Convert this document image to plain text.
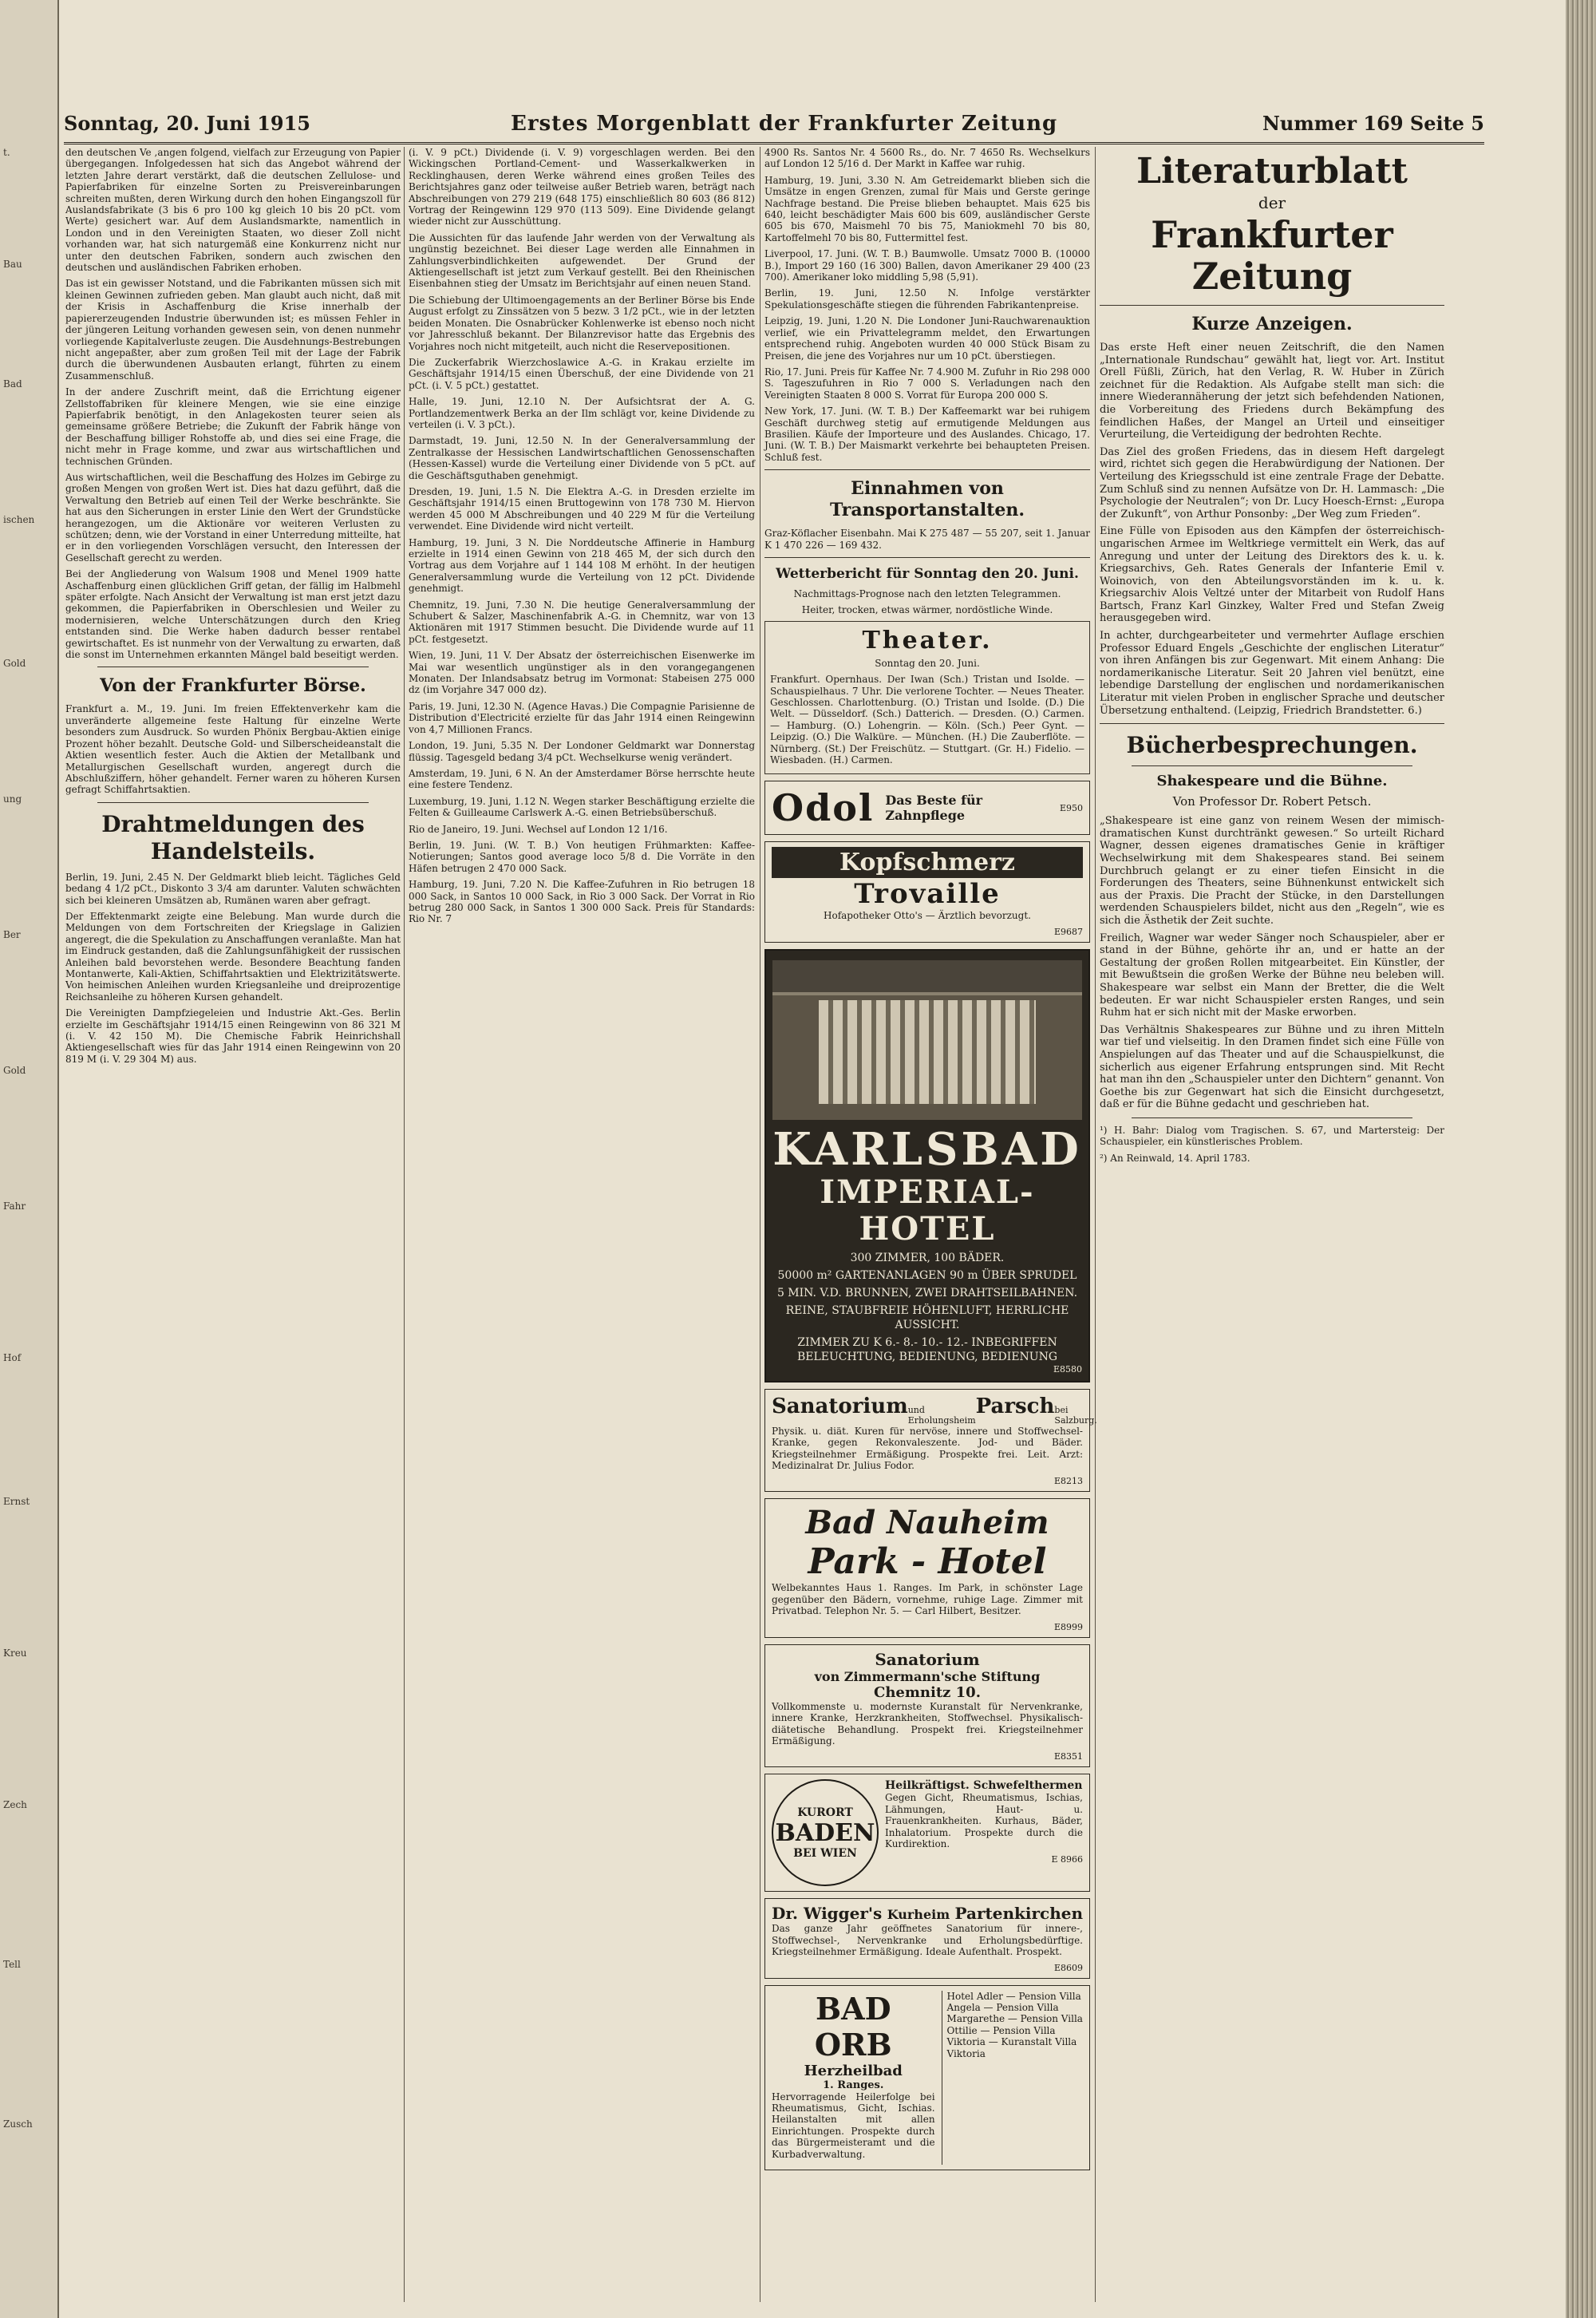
t.
Bau
Bad
ischen
Gold
ung
Ber
Gold
Fahr
Hof
Ernst
Kreu
Zech
Tell
Zusch
Sonntag, 20. Juni 1915	Erstes Morgenblatt der Frankfurter Zeitung	Nummer 169 Seite 5

den deutschen Ve ,angen folgend, vielfach zur Erzeugung von Papier übergegangen. Infolgedessen hat sich das Angebot während der letzten Jahre derart verstärkt, daß die deutschen Zellulose- und Papierfabriken für einzelne Sorten zu Preisvereinbarungen schreiten mußten, deren Wirkung durch den hohen Eingangszoll für Auslandsfabrikate (3 bis 6 pro 100 kg gleich 10 bis 20 pCt. vom Werte) gesichert war. Auf dem Auslandsmarkte, namentlich in London und in den Vereinigten Staaten, wo dieser Zoll nicht vorhanden war, hat sich naturgemäß eine Konkurrenz nicht nur unter den deutschen Fabriken, sondern auch zwischen den deutschen und ausländischen Fabriken erhoben.

Das ist ein gewisser Notstand, und die Fabrikanten müssen sich mit kleinen Gewinnen zufrieden geben. Man glaubt auch nicht, daß mit der Krisis in Aschaffenburg die Krise innerhalb der papiererzeugenden Industrie überwunden ist; es müssen Fehler in der jüngeren Leitung vorhanden gewesen sein, von denen nunmehr vorliegende Kapitalverluste zeugen. Die Ausdehnungs-Bestrebungen nicht angepaßter, aber zum großen Teil mit der Lage der Fabrik durch die überwundenen Ausbauten erlangt, führten zu einem Zusammenschluß.

In der andere Zuschrift meint, daß die Errichtung eigener Zellstoffabriken für kleinere Mengen, wie sie eine einzige Papierfabrik benötigt, in den Anlagekosten teurer seien als gemeinsame größere Betriebe; die Zukunft der Fabrik hänge von der Beschaffung billiger Rohstoffe ab, und dies sei eine Frage, die nicht mehr in Frage komme, und zwar aus wirtschaftlichen und technischen Gründen.

Aus wirtschaftlichen, weil die Beschaffung des Holzes im Gebirge zu großen Mengen von großen Wert ist. Dies hat dazu geführt, daß die Verwaltung den Betrieb auf einen Teil der Werke beschränkte. Sie hat aus den Sicherungen in erster Linie den Wert der Grundstücke herangezogen, um die Aktionäre vor weiteren Verlusten zu schützen; denn, wie der Vorstand in einer Unterredung mitteilte, hat er in den vorliegenden Vorschlägen versucht, den Interessen der Gesellschaft gerecht zu werden.

Bei der Angliederung von Walsum 1908 und Menel 1909 hatte Aschaffenburg einen glücklichen Griff getan, der fällig im Halbmehl später erfolgte. Nach Ansicht der Verwaltung ist man erst jetzt dazu gekommen, die Papierfabriken in Oberschlesien und Weiler zu modernisieren, welche Unterschätzungen durch den Krieg entstanden sind. Die Werke haben dadurch besser rentabel gewirtschaftet. Es ist nunmehr von der Verwaltung zu erwarten, daß die sonst im Unternehmen erkannten Mängel bald beseitigt werden.

Von der Frankfurter Börse.

Frankfurt a. M., 19. Juni. Im freien Effektenverkehr kam die unveränderte allgemeine feste Haltung für einzelne Werte besonders zum Ausdruck. So wurden Phönix Bergbau-Aktien einige Prozent höher bezahlt. Deutsche Gold- und Silberscheideanstalt die Aktien wesentlich fester. Auch die Aktien der Metallbank und Metallurgischen Gesellschaft wurden, angeregt durch die Abschlußziffern, höher gehandelt. Ferner waren zu höheren Kursen gefragt Schiffahrtsaktien.

Drahtmeldungen des Handelsteils.

Berlin, 19. Juni, 2.45 N. Der Geldmarkt blieb leicht. Tägliches Geld bedang 4 1/2 pCt., Diskonto 3 3/4 am darunter. Valuten schwächten sich bei kleineren Umsätzen ab, Rumänen waren aber gefragt.

Der Effektenmarkt zeigte eine Belebung. Man wurde durch die Meldungen von dem Fortschreiten der Kriegslage in Galizien angeregt, die die Spekulation zu Anschaffungen veranlaßte. Man hat im Eindruck gestanden, daß die Zahlungsunfähigkeit der russischen Anleihen bald bevorstehen werde. Besondere Beachtung fanden Montanwerte, Kali-Aktien, Schiffahrtsaktien und Elektrizitätswerte. Von heimischen Anleihen wurden Kriegsanleihe und dreiprozentige Reichsanleihe zu höheren Kursen gehandelt.

Die Vereinigten Dampfziegeleien und Industrie Akt.-Ges. Berlin erzielte im Geschäftsjahr 1914/15 einen Reingewinn von 86 321 M (i. V. 42 150 M). Die Chemische Fabrik Heinrichshall Aktiengesellschaft wies für das Jahr 1914 einen Reingewinn von 20 819 M (i. V. 29 304 M) aus.

(i. V. 9 pCt.) Dividende (i. V. 9) vorgeschlagen werden. Bei den Wickingschen Portland-Cement- und Wasserkalkwerken in Recklinghausen, deren Werke während eines großen Teiles des Berichtsjahres ganz oder teilweise außer Betrieb waren, beträgt nach Abschreibungen von 279 219 (648 175) einschließlich 80 603 (86 812) Vortrag der Reingewinn 129 970 (113 509). Eine Dividende gelangt wieder nicht zur Ausschüttung.

Die Aussichten für das laufende Jahr werden von der Verwaltung als ungünstig bezeichnet. Bei dieser Lage werden alle Einnahmen in Zahlungsverbindlichkeiten aufgewendet. Der Grund der Aktiengesellschaft ist jetzt zum Verkauf gestellt. Bei den Rheinischen Eisenbahnen stieg der Umsatz im Berichtsjahr auf einen neuen Stand.

Die Schiebung der Ultimoengagements an der Berliner Börse bis Ende August erfolgt zu Zinssätzen von 5 bezw. 3 1/2 pCt., wie in der letzten beiden Monaten. Die Osnabrücker Kohlenwerke ist ebenso noch nicht vor Jahresschluß bekannt. Der Bilanzrevisor hatte das Ergebnis des Vorjahres noch nicht mitgeteilt, auch nicht die Reservepositionen.

Die Zuckerfabrik Wierzchoslawice A.-G. in Krakau erzielte im Geschäftsjahr 1914/15 einen Überschuß, der eine Dividende von 21 pCt. (i. V. 5 pCt.) gestattet.

Halle, 19. Juni, 12.10 N. Der Aufsichtsrat der A. G. Portlandzementwerk Berka an der Ilm schlägt vor, keine Dividende zu verteilen (i. V. 3 pCt.).

Darmstadt, 19. Juni, 12.50 N. In der Generalversammlung der Zentralkasse der Hessischen Landwirtschaftlichen Genossenschaften (Hessen-Kassel) wurde die Verteilung einer Dividende von 5 pCt. auf die Geschäftsguthaben genehmigt.

Dresden, 19. Juni, 1.5 N. Die Elektra A.-G. in Dresden erzielte im Geschäftsjahr 1914/15 einen Bruttogewinn von 178 730 M. Hiervon werden 45 000 M Abschreibungen und 40 229 M für die Verteilung verwendet. Eine Dividende wird nicht verteilt.

Hamburg, 19. Juni, 3 N. Die Norddeutsche Affinerie in Hamburg erzielte in 1914 einen Gewinn von 218 465 M, der sich durch den Vortrag aus dem Vorjahre auf 1 144 108 M erhöht. In der heutigen Generalversammlung wurde die Verteilung von 12 pCt. Dividende genehmigt.

Chemnitz, 19. Juni, 7.30 N. Die heutige Generalversammlung der Schubert & Salzer, Maschinenfabrik A.-G. in Chemnitz, war von 13 Aktionären mit 1917 Stimmen besucht. Die Dividende wurde auf 11 pCt. festgesetzt.

Wien, 19. Juni, 11 V. Der Absatz der österreichischen Eisenwerke im Mai war wesentlich ungünstiger als in den vorangegangenen Monaten. Der Inlandsabsatz betrug im Vormonat: Stabeisen 275 000 dz (im Vorjahre 347 000 dz).

Paris, 19. Juni, 12.30 N. (Agence Havas.) Die Compagnie Parisienne de Distribution d'Electricité erzielte für das Jahr 1914 einen Reingewinn von 4,7 Millionen Francs.

London, 19. Juni, 5.35 N. Der Londoner Geldmarkt war Donnerstag flüssig. Tagesgeld bedang 3/4 pCt. Wechselkurse wenig verändert.

Amsterdam, 19. Juni, 6 N. An der Amsterdamer Börse herrschte heute eine festere Tendenz.

Luxemburg, 19. Juni, 1.12 N. Wegen starker Beschäftigung erzielte die Felten & Guilleaume Carlswerk A.-G. einen Betriebsüberschuß.

Rio de Janeiro, 19. Juni. Wechsel auf London 12 1/16.

Berlin, 19. Juni. (W. T. B.) Von heutigen Frühmarkten: Kaffee-Notierungen; Santos good average loco 5/8 d. Die Vorräte in den Häfen betrugen 2 470 000 Sack.

Hamburg, 19. Juni, 7.20 N. Die Kaffee-Zufuhren in Rio betrugen 18 000 Sack, in Santos 10 000 Sack, in Rio 3 000 Sack. Der Vorrat in Rio betrug 280 000 Sack, in Santos 1 300 000 Sack. Preis für Standards: Rio Nr. 7

4900 Rs. Santos Nr. 4 5600 Rs., do. Nr. 7 4650 Rs. Wechselkurs auf London 12 5/16 d. Der Markt in Kaffee war ruhig.

Hamburg, 19. Juni, 3.30 N. Am Getreidemarkt blieben sich die Umsätze in engen Grenzen, zumal für Mais und Gerste geringe Nachfrage bestand. Die Preise blieben behauptet. Mais 625 bis 640, leicht beschädigter Mais 600 bis 609, ausländischer Gerste 605 bis 670, Maismehl 70 bis 75, Maniokmehl 70 bis 80, Kartoffelmehl 70 bis 80, Futtermittel fest.

Liverpool, 17. Juni. (W. T. B.) Baumwolle. Umsatz 7000 B. (10000 B.), Import 29 160 (16 300) Ballen, davon Amerikaner 29 400 (23 700). Amerikaner loko middling 5,98 (5,91).

Berlin, 19. Juni, 12.50 N. Infolge verstärkter Spekulationsgeschäfte stiegen die führenden Fabrikantenpreise.

Leipzig, 19. Juni, 1.20 N. Die Londoner Juni-Rauchwarenauktion verlief, wie ein Privattelegramm meldet, den Erwartungen entsprechend ruhig. Angeboten wurden 40 000 Stück Bisam zu Preisen, die jene des Vorjahres nur um 10 pCt. überstiegen.

Rio, 17. Juni. Preis für Kaffee Nr. 7 4.900 M. Zufuhr in Rio 298 000 S. Tageszufuhren in Rio 7 000 S. Verladungen nach den Vereinigten Staaten 8 000 S. Vorrat für Europa 200 000 S.

New York, 17. Juni. (W. T. B.) Der Kaffeemarkt war bei ruhigem Geschäft durchweg stetig auf ermutigende Meldungen aus Brasilien. Käufe der Importeure und des Auslandes. Chicago, 17. Juni. (W. T. B.) Der Maismarkt verkehrte bei behaupteten Preisen. Schluß fest.

Einnahmen von Transportanstalten.

Graz-Köflacher Eisenbahn. Mai K 275 487 — 55 207, seit 1. Januar K 1 470 226 — 169 432.

Wetterbericht für Sonntag den 20. Juni.

Nachmittags-Prognose nach den letzten Telegrammen.

Heiter, trocken, etwas wärmer, nordöstliche Winde.

Theater.
Sonntag den 20. Juni.

Frankfurt. Opernhaus. Der Iwan (Sch.) Tristan und Isolde. — Schauspielhaus. 7 Uhr. Die verlorene Tochter. — Neues Theater. Geschlossen. Charlottenburg. (O.) Tristan und Isolde. (D.) Die Welt. — Düsseldorf. (Sch.) Datterich. — Dresden. (O.) Carmen. — Hamburg. (O.) Lohengrin. — Köln. (Sch.) Peer Gynt. — Leipzig. (O.) Die Walküre. — München. (H.) Die Zauberflöte. — Nürnberg. (St.) Der Freischütz. — Stuttgart. (Gr. H.) Fidelio. — Wiesbaden. (H.) Carmen.

Odol Das Beste für Zahnpflege	E950
Kopfschmerz
Trovaille
Hofapotheker Otto's — Ärztlich bevorzugt.
E9687
KARLSBAD
IMPERIAL-HOTEL
300 ZIMMER, 100 BÄDER.
50000 m² GARTENANLAGEN 90 m ÜBER SPRUDEL
5 MIN. V.D. BRUNNEN, ZWEI DRAHTSEILBAHNEN.
REINE, STAUBFREIE HÖHENLUFT, HERRLICHE AUSSICHT.
ZIMMER ZU K 6.- 8.- 10.- 12.- INBEGRIFFEN BELEUCHTUNG, BEDIENUNG, BEDIENUNG
E8580
Sanatorium und Erholungsheim
Parsch bei Salzburg.

Physik. u. diät. Kuren für nervöse, innere und Stoffwechsel-Kranke, gegen Rekonvaleszente. Jod- und Bäder. Kriegsteilnehmer Ermäßigung. Prospekte frei. Leit. Arzt: Medizinalrat Dr. Julius Fodor.

E8213
Bad Nauheim
Park - Hotel

Welbekanntes Haus 1. Ranges. Im Park, in schönster Lage gegenüber den Bädern, vornehme, ruhige Lage. Zimmer mit Privatbad. Telephon Nr. 5. — Carl Hilbert, Besitzer.

E8999
Sanatorium
von Zimmermann'sche Stiftung
Chemnitz 10.

Vollkommenste u. modernste Kuranstalt für Nervenkranke, innere Kranke, Herzkrankheiten, Stoffwechsel. Physikalisch-diätetische Behandlung. Prospekt frei. Kriegsteilnehmer Ermäßigung.

E8351
KURORT
BADEN
BEI WIEN
Heilkräftigst. Schwefelthermen

Gegen Gicht, Rheumatismus, Ischias, Lähmungen, Haut- u. Frauenkrankheiten. Kurhaus, Bäder, Inhalatorium. Prospekte durch die Kurdirektion.

E 8966
Dr. Wigger's Kurheim Partenkirchen

Das ganze Jahr geöffnetes Sanatorium für innere-, Stoffwechsel-, Nervenkranke und Erholungsbedürftige. Kriegsteilnehmer Ermäßigung. Ideale Aufenthalt. Prospekt.

E8609
BAD ORB
Herzheilbad
1. Ranges.

Hervorragende Heilerfolge bei Rheumatismus, Gicht, Ischias. Heilanstalten mit allen Einrichtungen. Prospekte durch das Bürgermeisteramt und die Kurbadverwaltung.

Hotel Adler — Pension Villa Angela — Pension Villa Margarethe — Pension Villa Ottilie — Pension Villa Viktoria — Kuranstalt Villa Viktoria

Literaturblatt
der
Frankfurter Zeitung
Kurze Anzeigen.

Das erste Heft einer neuen Zeitschrift, die den Namen „Internationale Rundschau“ gewählt hat, liegt vor. Art. Institut Orell Füßli, Zürich, hat den Verlag, R. W. Huber in Zürich zeichnet für die Redaktion. Als Aufgabe stellt man sich: die innere Wiederannäherung der jetzt sich befehdenden Nationen, die Vorbereitung des Friedens durch Bekämpfung des feindlichen Haßes, der Mangel an Urteil und einseitiger Verurteilung, die Verteidigung der bedrohten Rechte.

Das Ziel des großen Friedens, das in diesem Heft dargelegt wird, richtet sich gegen die Herabwürdigung der Nationen. Der Verteilung des Kriegsschuld ist eine zentrale Frage der Debatte. Zum Schluß sind zu nennen Aufsätze von Dr. H. Lammasch: „Die Psychologie der Neutralen“; von Dr. Lucy Hoesch-Ernst: „Europa der Zukunft“, von Arthur Ponsonby: „Der Weg zum Frieden“.

Eine Fülle von Episoden aus den Kämpfen der österreichisch-ungarischen Armee im Weltkriege vermittelt ein Werk, das auf Anregung und unter der Leitung des Direktors des k. u. k. Kriegsarchivs, Geh. Rates Generals der Infanterie Emil v. Woinovich, von den Abteilungsvorständen im k. u. k. Kriegsarchiv Alois Veltzé unter der Mitarbeit von Rudolf Hans Bartsch, Franz Karl Ginzkey, Walter Fred und Stefan Zweig herausgegeben wird.

In achter, durchgearbeiteter und vermehrter Auflage erschien Professor Eduard Engels „Geschichte der englischen Literatur“ von ihren Anfängen bis zur Gegenwart. Mit einem Anhang: Die nordamerikanische Literatur. Seit 20 Jahren viel benützt, eine lebendige Darstellung der englischen und nordamerikanischen Literatur mit vielen Proben in englischer Sprache und deutscher Übersetzung enthaltend. (Leipzig, Friedrich Brandstetter. 6.)

Bücherbesprechungen.
Shakespeare und die Bühne.
Von Professor Dr. Robert Petsch.

„Shakespeare ist eine ganz von reinem Wesen der mimisch-dramatischen Kunst durchtränkt gewesen.“ So urteilt Richard Wagner, dessen eigenes dramatisches Genie in kräftiger Wechselwirkung mit dem Shakespeares stand. Bei seinem Durchbruch gelangt er zu einer tiefen Einsicht in die Forderungen des Theaters, seine Bühnenkunst entwickelt sich aus der Praxis. Die Pracht der Stücke, in den Darstellungen werdenden Schauspielers bildet, nicht aus den „Regeln“, wie es sich die Ästhetik der Zeit suchte.

Freilich, Wagner war weder Sänger noch Schauspieler, aber er stand in der Bühne, gehörte ihr an, und er hatte an der Gestaltung der großen Rollen mitgearbeitet. Ein Künstler, der mit Bewußtsein die großen Werke der Bühne neu beleben will. Shakespeare war selbst ein Mann der Bretter, die die Welt bedeuten. Er war nicht Schauspieler ersten Ranges, und sein Ruhm hat er sich nicht mit der Maske erworben.

Das Verhältnis Shakespeares zur Bühne und zu ihren Mitteln war tief und vielseitig. In den Dramen findet sich eine Fülle von Anspielungen auf das Theater und auf die Schauspielkunst, die sicherlich aus eigener Erfahrung entsprungen sind. Mit Recht hat man ihn den „Schauspieler unter den Dichtern“ genannt. Von Goethe bis zur Gegenwart hat sich die Einsicht durchgesetzt, daß er für die Bühne gedacht und geschrieben hat.

¹) H. Bahr: Dialog vom Tragischen. S. 67, und Martersteig: Der Schauspieler, ein künstlerisches Problem.

²) An Reinwald, 14. April 1783.
